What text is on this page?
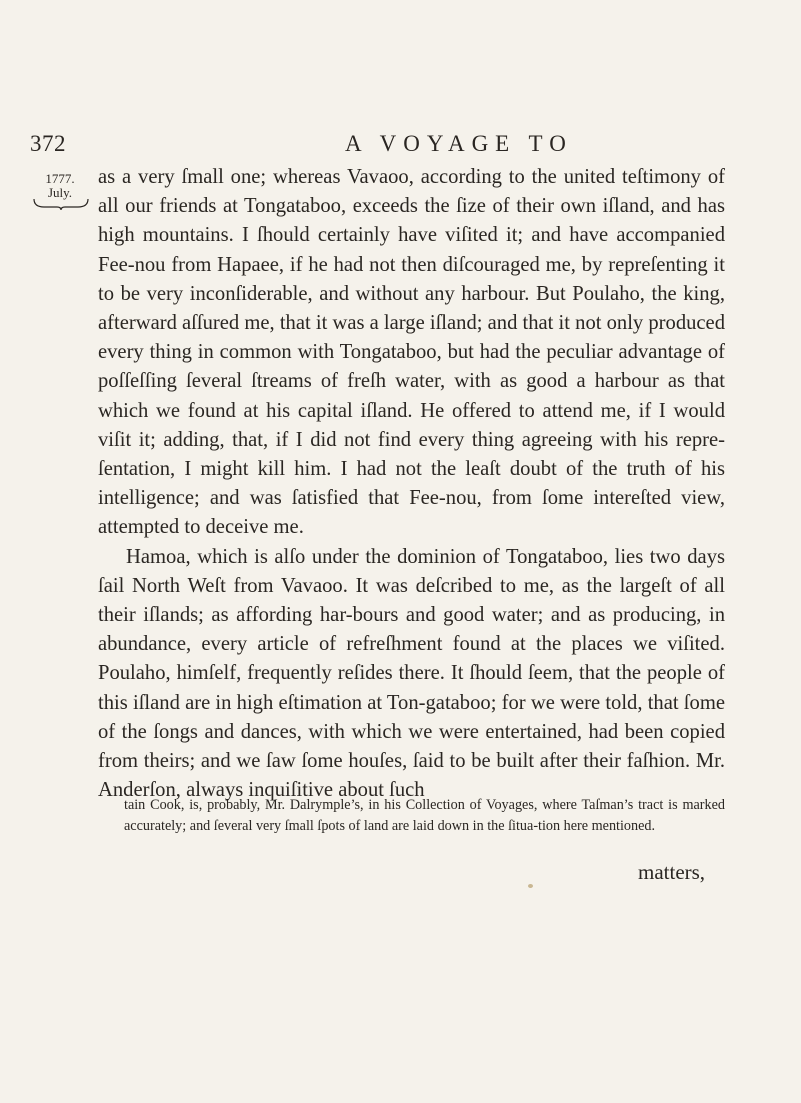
372	A VOYAGE TO
1777.
July.

as a very ſmall one; whereas Vavaoo, according to the united teſtimony of all our friends at Tongataboo, exceeds the ſize of their own iſland, and has high mountains. I ſhould certainly have viſited it; and have accompanied Fee-nou from Hapaee, if he had not then diſcouraged me, by repreſenting it to be very inconſiderable, and without any harbour. But Poulaho, the king, afterward aſſured me, that it was a large iſland; and that it not only produced every thing in common with Tongataboo, but had the peculiar advantage of poſſeſſing ſeveral ſtreams of freſh water, with as good a harbour as that which we found at his capital iſland. He offered to attend me, if I would viſit it; adding, that, if I did not find every thing agreeing with his repre-ſentation, I might kill him. I had not the leaſt doubt of the truth of his intelligence; and was ſatisfied that Fee-nou, from ſome intereſted view, attempted to deceive me.

Hamoa, which is alſo under the dominion of Tongataboo, lies two days ſail North Weſt from Vavaoo. It was deſcribed to me, as the largeſt of all their iſlands; as affording har-bours and good water; and as producing, in abundance, every article of refreſhment found at the places we viſited. Poulaho, himſelf, frequently reſides there. It ſhould ſeem, that the people of this iſland are in high eſtimation at Ton-gataboo; for we were told, that ſome of the ſongs and dances, with which we were entertained, had been copied from theirs; and we ſaw ſome houſes, ſaid to be built after their faſhion. Mr. Anderſon, always inquiſitive about ſuch

tain Cook, is, probably, Mr. Dalrymple’s, in his Collection of Voyages, where Taſman’s tract is marked accurately; and ſeveral very ſmall ſpots of land are laid down in the ſitua-tion here mentioned.
matters,
